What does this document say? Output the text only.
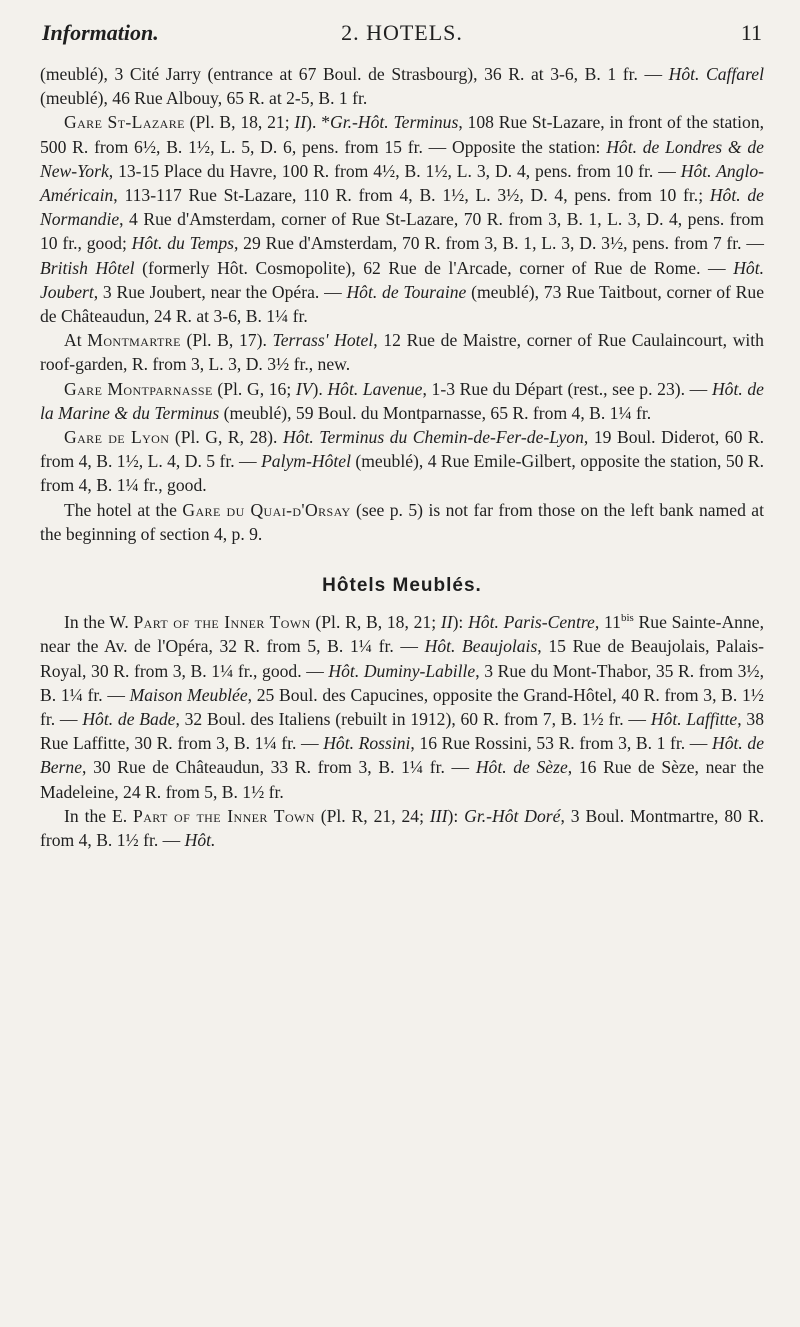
Information.	2. HOTELS.	11

(meublé), 3 Cité Jarry (entrance at 67 Boul. de Strasbourg), 36 R. at 3-6, B. 1 fr. — Hôt. Caffarel (meublé), 46 Rue Albouy, 65 R. at 2-5, B. 1 fr.

Gare St-Lazare (Pl. B, 18, 21; II). *Gr.-Hôt. Terminus, 108 Rue St-Lazare, in front of the station, 500 R. from 6½, B. 1½, L. 5, D. 6, pens. from 15 fr. — Opposite the station: Hôt. de Londres & de New-York, 13-15 Place du Havre, 100 R. from 4½, B. 1½, L. 3, D. 4, pens. from 10 fr. — Hôt. Anglo-Américain, 113-117 Rue St-Lazare, 110 R. from 4, B. 1½, L. 3½, D. 4, pens. from 10 fr.; Hôt. de Normandie, 4 Rue d'Amsterdam, corner of Rue St-Lazare, 70 R. from 3, B. 1, L. 3, D. 4, pens. from 10 fr., good; Hôt. du Temps, 29 Rue d'Amsterdam, 70 R. from 3, B. 1, L. 3, D. 3½, pens. from 7 fr. — British Hôtel (formerly Hôt. Cosmopolite), 62 Rue de l'Arcade, corner of Rue de Rome. — Hôt. Joubert, 3 Rue Joubert, near the Opéra. — Hôt. de Touraine (meublé), 73 Rue Taitbout, corner of Rue de Châteaudun, 24 R. at 3-6, B. 1¼ fr.

At Montmartre (Pl. B, 17). Terrass' Hotel, 12 Rue de Maistre, corner of Rue Caulaincourt, with roof-garden, R. from 3, L. 3, D. 3½ fr., new.

Gare Montparnasse (Pl. G, 16; IV). Hôt. Lavenue, 1-3 Rue du Départ (rest., see p. 23). — Hôt. de la Marine & du Terminus (meublé), 59 Boul. du Montparnasse, 65 R. from 4, B. 1¼ fr.

Gare de Lyon (Pl. G, R, 28). Hôt. Terminus du Chemin-de-Fer-de-Lyon, 19 Boul. Diderot, 60 R. from 4, B. 1½, L. 4, D. 5 fr. — Palym-Hôtel (meublé), 4 Rue Emile-Gilbert, opposite the station, 50 R. from 4, B. 1¼ fr., good.

The hotel at the Gare du Quai-d'Orsay (see p. 5) is not far from those on the left bank named at the beginning of section 4, p. 9.

Hôtels Meublés.

In the W. Part of the Inner Town (Pl. R, B, 18, 21; II): Hôt. Paris-Centre, $11^{bis}$ Rue Sainte-Anne, near the Av. de l'Opéra, 32 R. from 5, B. 1¼ fr. — Hôt. Beaujolais, 15 Rue de Beaujolais, Palais-Royal, 30 R. from 3, B. 1¼ fr., good. — Hôt. Duminy-Labille, 3 Rue du Mont-Thabor, 35 R. from 3½, B. 1¼ fr. — Maison Meublée, 25 Boul. des Capucines, opposite the Grand-Hôtel, 40 R. from 3, B. 1½ fr. — Hôt. de Bade, 32 Boul. des Italiens (rebuilt in 1912), 60 R. from 7, B. 1½ fr. — Hôt. Laffitte, 38 Rue Laffitte, 30 R. from 3, B. 1¼ fr. — Hôt. Rossini, 16 Rue Rossini, 53 R. from 3, B. 1 fr. — Hôt. de Berne, 30 Rue de Châteaudun, 33 R. from 3, B. 1¼ fr. — Hôt. de Sèze, 16 Rue de Sèze, near the Madeleine, 24 R. from 5, B. 1½ fr.

In the E. Part of the Inner Town (Pl. R, 21, 24; III): Gr.-Hôt Doré, 3 Boul. Montmartre, 80 R. from 4, B. 1½ fr. — Hôt.
